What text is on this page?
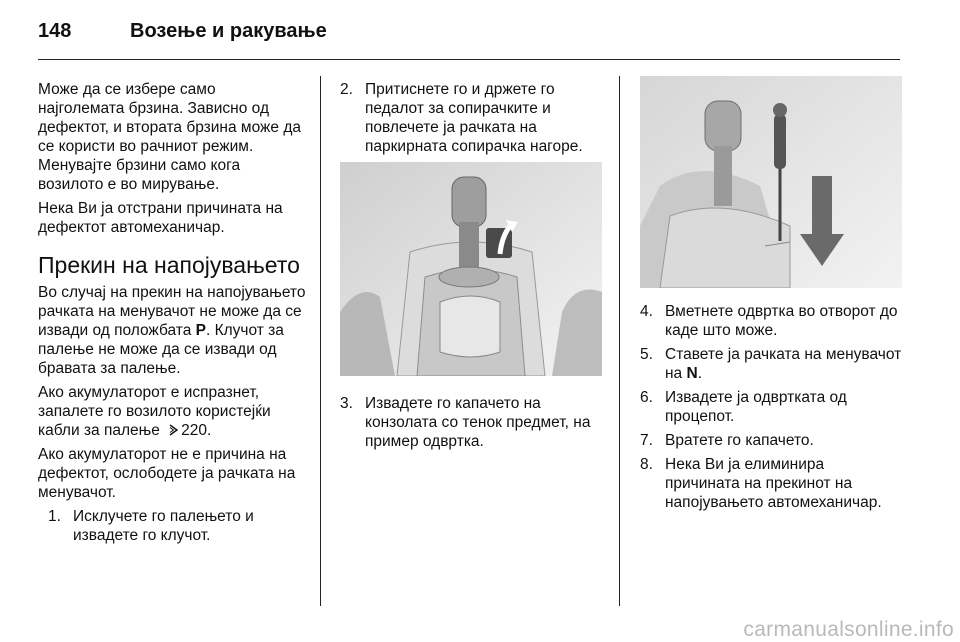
148	Возење и ракување

Може да се избере само најголемата брзина. Зависно од дефектот, и втората брзина може да се користи во рачниот режим. Менувајте брзини само кога возилото е во мирување.

Нека Ви ја отстрани причината на дефектот автомеханичар.

Прекин на напојувањето

Во случај на прекин на напојувањето рачката на менувачот не може да се извади од положбата P. Клучот за палење не може да се извади од бравата за палење.

Ако акумулаторот е испразнет, запалете го возилото користејќи кабли за палење 220.

Ако акумулаторот не е причина на дефектот, ослободете ја рачката на менувачот.

1. Исклучете го палењето и извадете го клучот.
2. Притиснете го и држете го педалот за сопирачките и повлечете ја рачката на паркирната сопирачка нагоре.
3. Извадете го капачето на конзолата со тенок предмет, на пример одвртка.
4. Вметнете одвртка во отворот до каде што може.
5. Ставете ја рачката на менувачот на N.
6. Извадете ја одвртката од процепот.
7. Вратете го капачето.
8. Нека Ви ја елиминира причината на прекинот на напојувањето автомеханичар.
carmanualsonline.info
